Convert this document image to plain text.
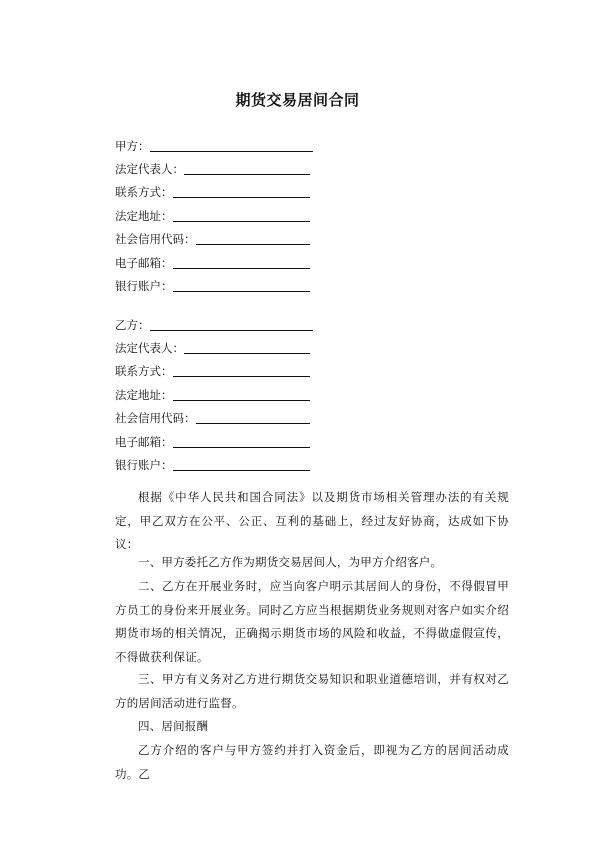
期货交易居间合同
甲方：
法定代表人：
联系方式：
法定地址：
社会信用代码：
电子邮箱：
银行账户：
乙方：
法定代表人：
联系方式：
法定地址：
社会信用代码：
电子邮箱：
银行账户：

根据《中华人民共和国合同法》以及期货市场相关管理办法的有关规定，甲乙双方在公平、公正、互利的基础上，经过友好协商，达成如下协议：

一、甲方委托乙方作为期货交易居间人，为甲方介绍客户。

二、乙方在开展业务时，应当向客户明示其居间人的身份，不得假冒甲方员工的身份来开展业务。同时乙方应当根据期货业务规则对客户如实介绍期货市场的相关情况，正确揭示期货市场的风险和收益，不得做虚假宣传，不得做获利保证。

三、甲方有义务对乙方进行期货交易知识和职业道德培训，并有权对乙方的居间活动进行监督。

四、居间报酬

乙方介绍的客户与甲方签约并打入资金后，即视为乙方的居间活动成功。乙
